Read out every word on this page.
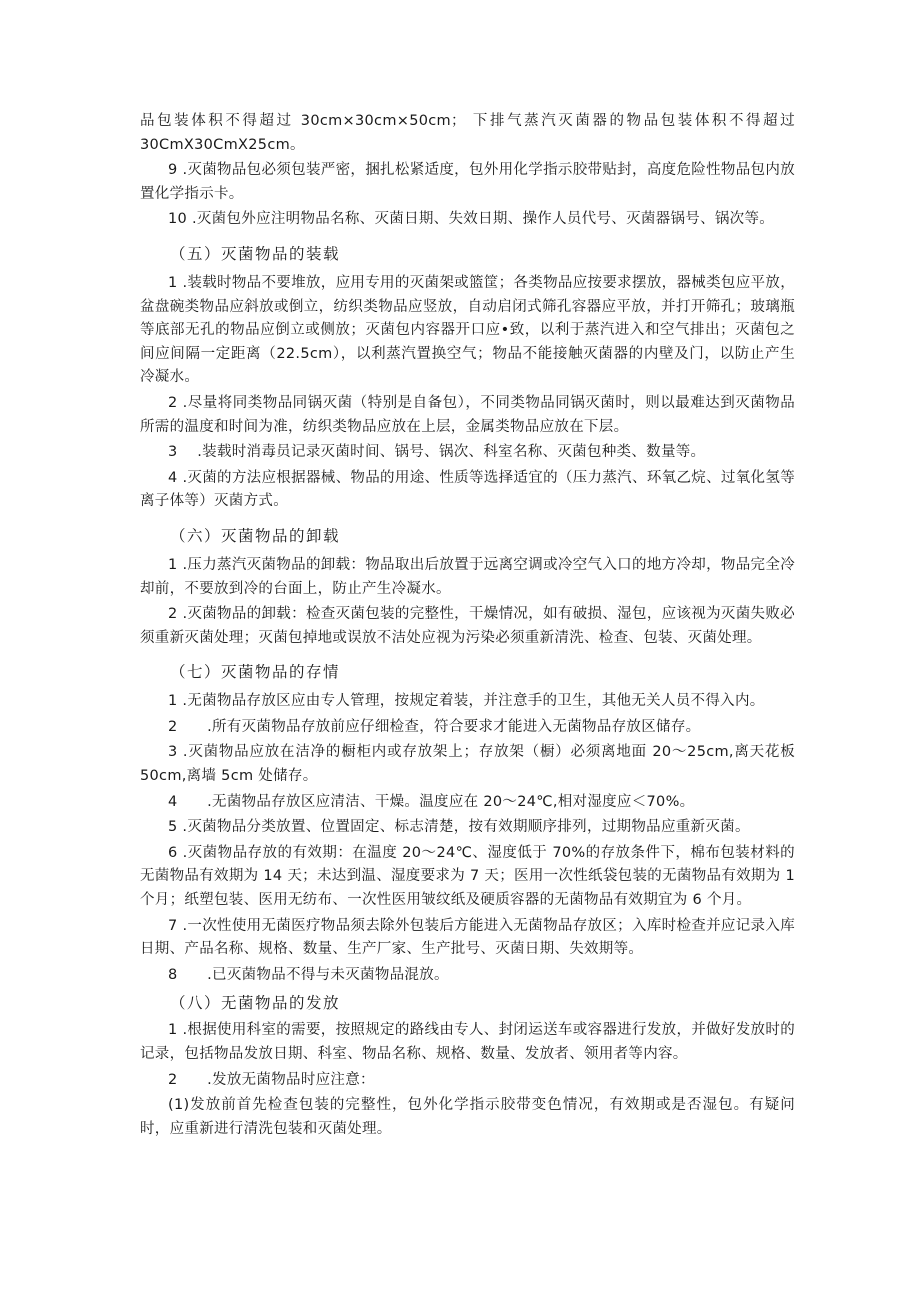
品包装体积不得超过 30cm×30cm×50cm； 下排气蒸汽灭菌器的物品包装体积不得超过 30CmX30CmX25cm。

9 .灭菌物品包必须包装严密，捆扎松紧适度，包外用化学指示胶带贴封，高度危险性物品包内放置化学指示卡。

10 .灭菌包外应注明物品名称、灭菌日期、失效日期、操作人员代号、灭菌器锅号、锅次等。

（五）灭菌物品的装载

1 .装载时物品不要堆放，应用专用的灭菌架或篮筐；各类物品应按要求摆放，器械类包应平放，盆盘碗类物品应斜放或倒立，纺织类物品应竖放，自动启闭式筛孔容器应平放，并打开筛孔；玻璃瓶等底部无孔的物品应倒立或侧放；灭菌包内容器开口应•致，以利于蒸汽进入和空气排出；灭菌包之间应间隔一定距离（22.5cm），以利蒸汽置换空气；物品不能接触灭菌器的内壁及门，以防止产生冷凝水。

2 .尽量将同类物品同锅灭菌（特别是自备包），不同类物品同锅灭菌时，则以最难达到灭菌物品所需的温度和时间为准，纺织类物品应放在上层，金属类物品应放在下层。

3　 .装载时消毒员记录灭菌时间、锅号、锅次、科室名称、灭菌包种类、数量等。

4 .灭菌的方法应根据器械、物品的用途、性质等选择适宜的（压力蒸汽、环氧乙烷、过氧化氢等离子体等）灭菌方式。

（六）灭菌物品的卸载

1 .压力蒸汽灭菌物品的卸载：物品取出后放置于远离空调或冷空气入口的地方冷却，物品完全冷却前，不要放到冷的台面上，防止产生冷凝水。

2 .灭菌物品的卸载：检查灭菌包装的完整性，干燥情况，如有破损、湿包，应该视为灭菌失败必须重新灭菌处理；灭菌包掉地或误放不洁处应视为污染必须重新清洗、检查、包装、灭菌处理。

（七）灭菌物品的存情

1 .无菌物品存放区应由专人管理，按规定着装，并注意手的卫生，其他无关人员不得入内。

2　　.所有灭菌物品存放前应仔细检查，符合要求才能进入无菌物品存放区储存。

3 .灭菌物品应放在洁净的橱柜内或存放架上；存放架（橱）必须离地面 20～25cm,离天花板 50cm,离墙 5cm 处储存。

4　　.无菌物品存放区应清洁、干燥。温度应在 20～24℃,相对湿度应＜70%。

5 .灭菌物品分类放置、位置固定、标志清楚，按有效期顺序排列，过期物品应重新灭菌。

6 .灭菌物品存放的有效期：在温度 20～24℃、湿度低于 70%的存放条件下，棉布包装材料的无菌物品有效期为 14 天；未达到温、湿度要求为 7 天；医用一次性纸袋包装的无菌物品有效期为 1 个月；纸塑包装、医用无纺布、一次性医用皱纹纸及硬质容器的无菌物品有效期宜为 6 个月。

7 .一次性使用无菌医疗物品须去除外包装后方能进入无菌物品存放区；入库时检查并应记录入库日期、产品名称、规格、数量、生产厂家、生产批号、灭菌日期、失效期等。

8　　.已灭菌物品不得与未灭菌物品混放。

（八）无菌物品的发放

1 .根据使用科室的需要，按照规定的路线由专人、封闭运送车或容器进行发放，并做好发放时的记录，包括物品发放日期、科室、物品名称、规格、数量、发放者、领用者等内容。

2　　.发放无菌物品时应注意：

(1)发放前首先检查包装的完整性，包外化学指示胶带变色情况，有效期或是否湿包。有疑问时，应重新进行清洗包装和灭菌处理。
